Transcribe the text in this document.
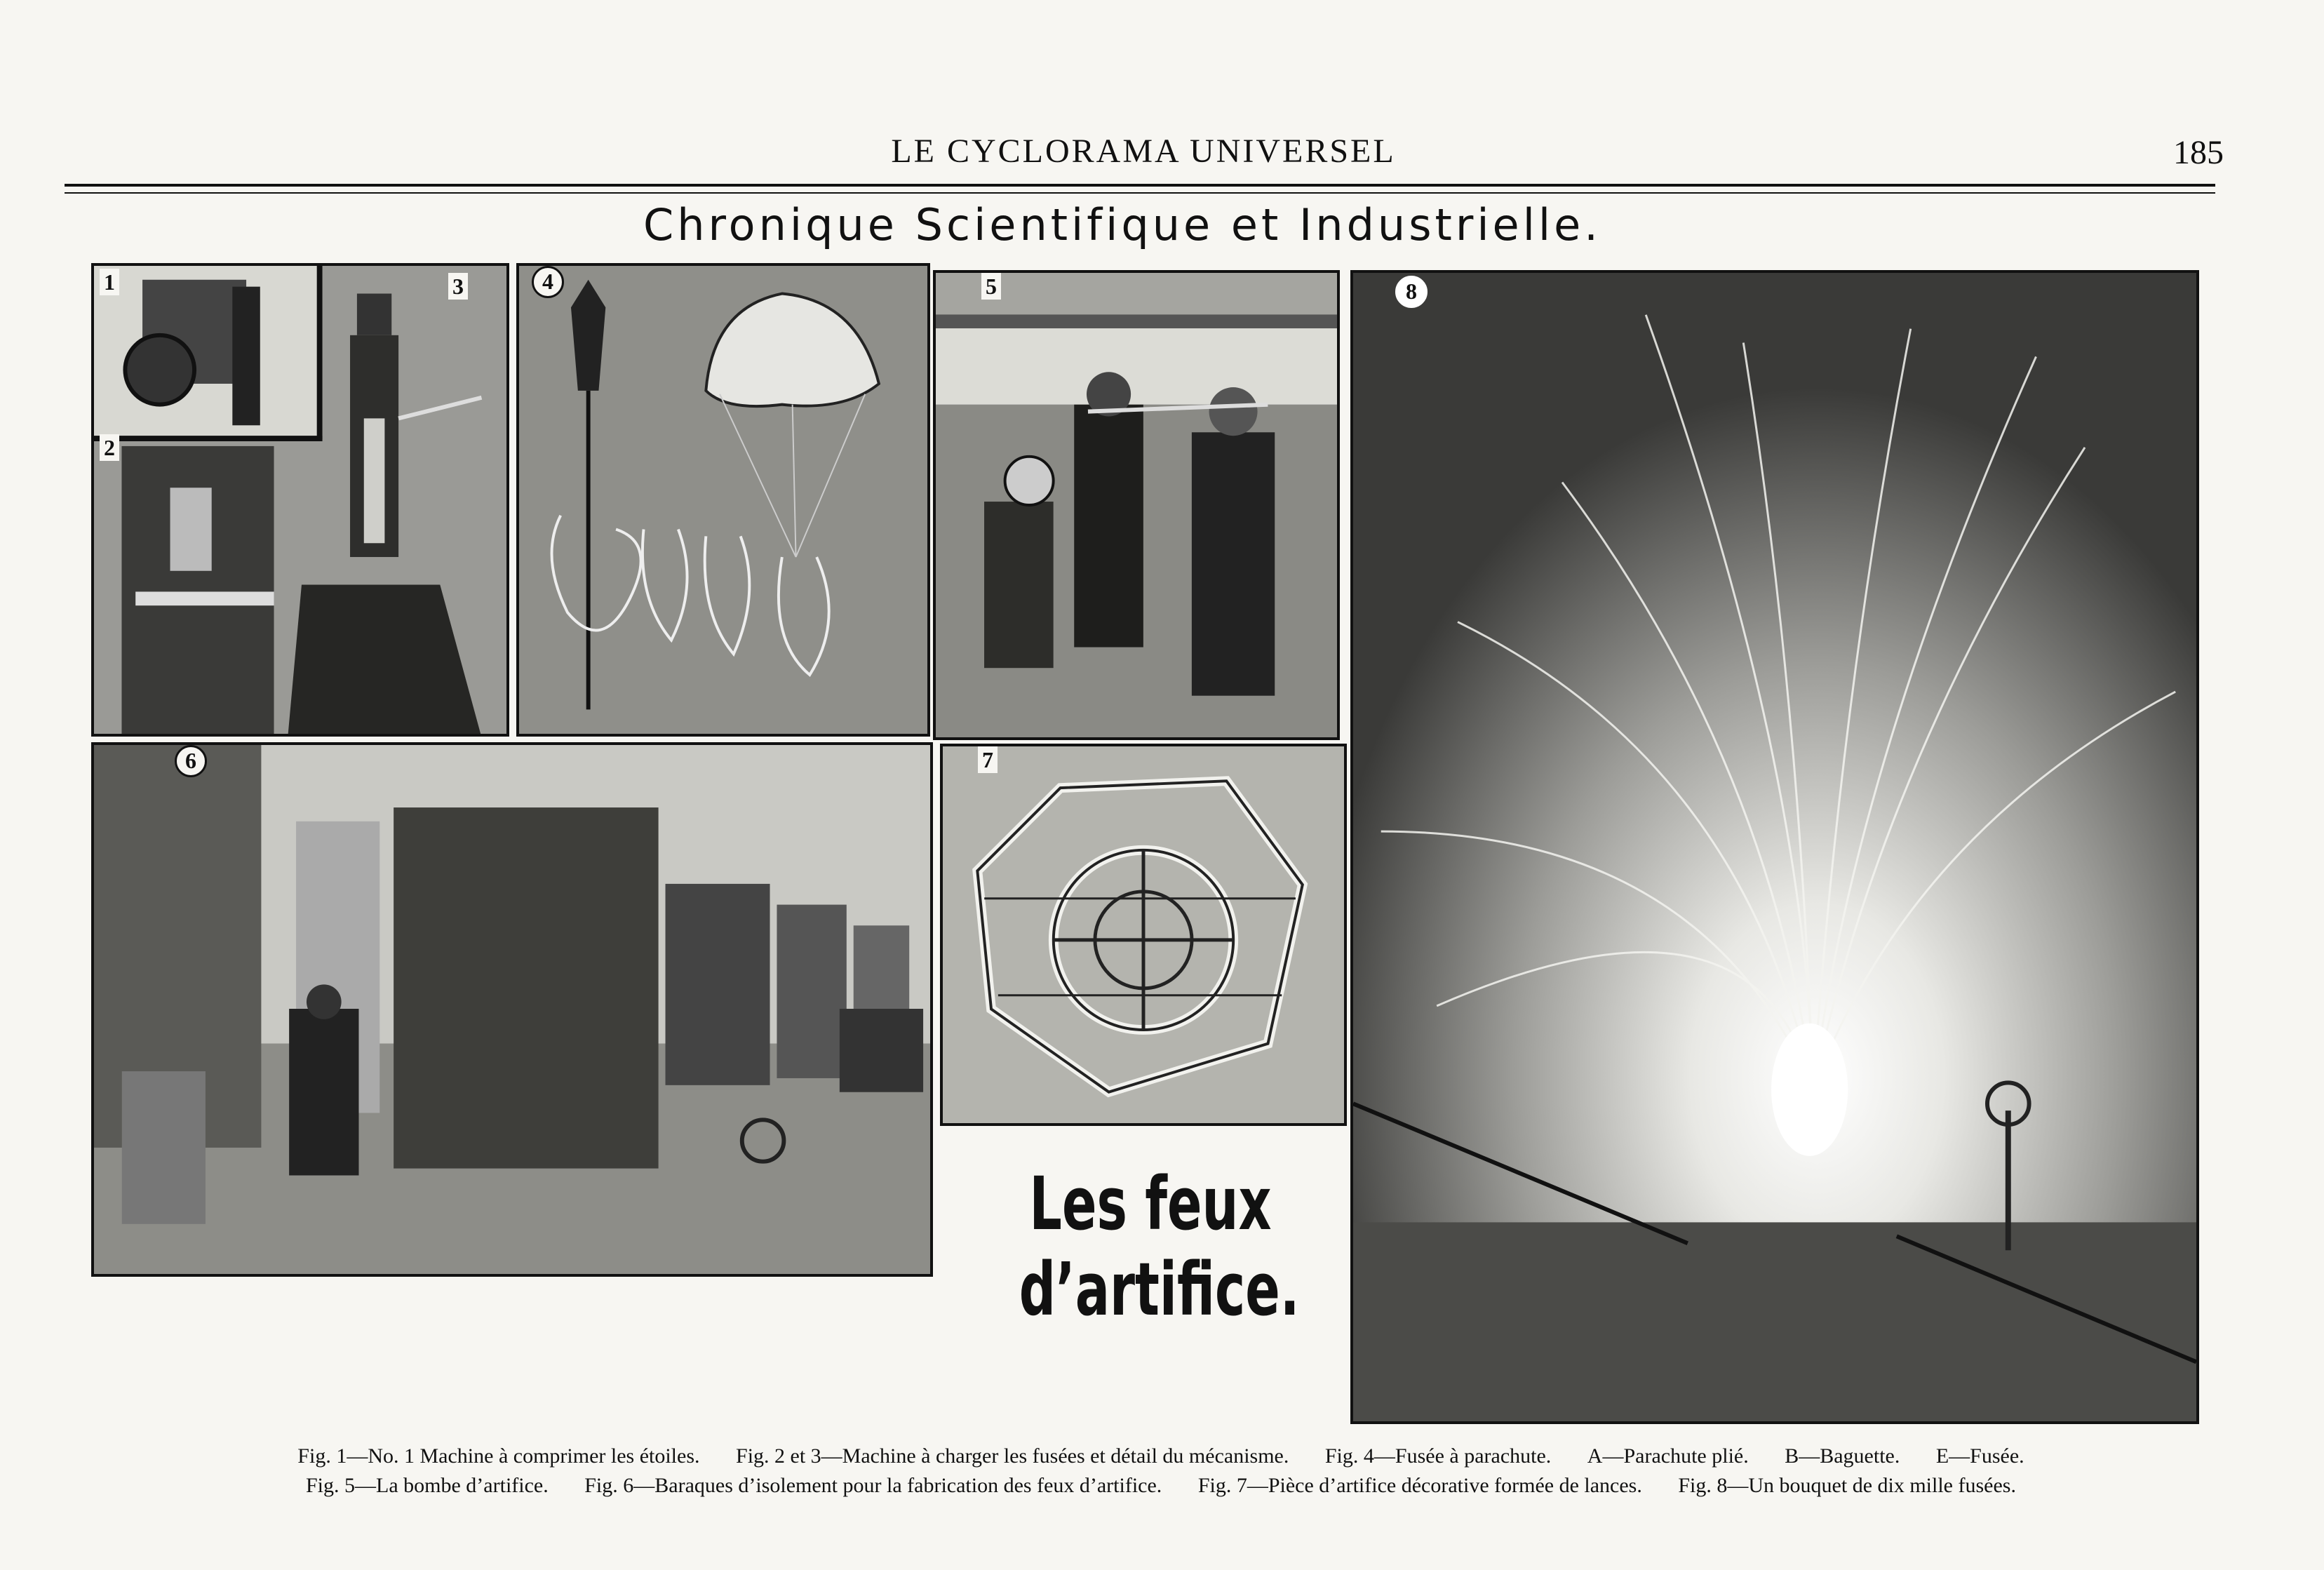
LE CYCLORAMA UNIVERSEL	185
Chronique Scientifique et Industrielle.
1
2
3	4	5
6	7
Les feux
d’artifice.
8
Fig. 1—No. 1 Machine à comprimer les étoiles. Fig. 2 et 3—Machine à charger les fusées et détail du mécanisme. Fig. 4—Fusée à parachute. A—Parachute plié. B—Baguette. E—Fusée.
Fig. 5—La bombe d’artifice. Fig. 6—Baraques d’isolement pour la fabrication des feux d’artifice. Fig. 7—Pièce d’artifice décorative formée de lances. Fig. 8—Un bouquet de dix mille fusées.
